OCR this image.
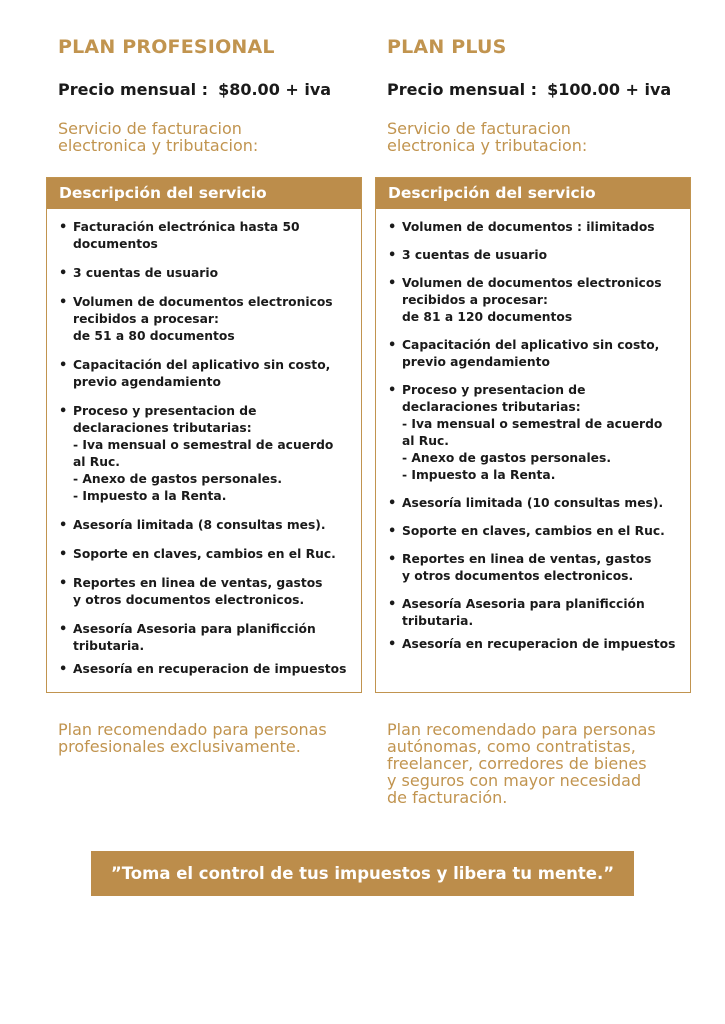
PLAN PROFESIONAL
Precio mensual : $80.00 + iva
Servicio de facturacion
electronica y tributacion:
Descripción del servicio
• Facturación electrónica hasta 50
documentos
• 3 cuentas de usuario
• Volumen de documentos electronicos
recibidos a procesar:
de 51 a 80 documentos
• Capacitación del aplicativo sin costo,
previo agendamiento
• Proceso y presentacion de
declaraciones tributarias:
- Iva mensual o semestral de acuerdo
al Ruc.
- Anexo de gastos personales.
- Impuesto a la Renta.
• Asesoría limitada (8 consultas mes).
• Soporte en claves, cambios en el Ruc.
• Reportes en linea de ventas, gastos
y otros documentos electronicos.
• Asesoría Asesoria para planificción
tributaria.
• Asesoría en recuperacion de impuestos
Plan recomendado para personas
profesionales exclusivamente.
PLAN PLUS
Precio mensual : $100.00 + iva
Servicio de facturacion
electronica y tributacion:
Descripción del servicio
• Volumen de documentos : ilimitados
• 3 cuentas de usuario
• Volumen de documentos electronicos
recibidos a procesar:
de 81 a 120 documentos
• Capacitación del aplicativo sin costo,
previo agendamiento
• Proceso y presentacion de
declaraciones tributarias:
- Iva mensual o semestral de acuerdo
al Ruc.
- Anexo de gastos personales.
- Impuesto a la Renta.
• Asesoría limitada (10 consultas mes).
• Soporte en claves, cambios en el Ruc.
• Reportes en linea de ventas, gastos
y otros documentos electronicos.
• Asesoría Asesoria para planificción
tributaria.
• Asesoría en recuperacion de impuestos
Plan recomendado para personas
autónomas, como contratistas,
freelancer, corredores de bienes
y seguros con mayor necesidad
de facturación.
”Toma el control de tus impuestos y libera tu mente.”
